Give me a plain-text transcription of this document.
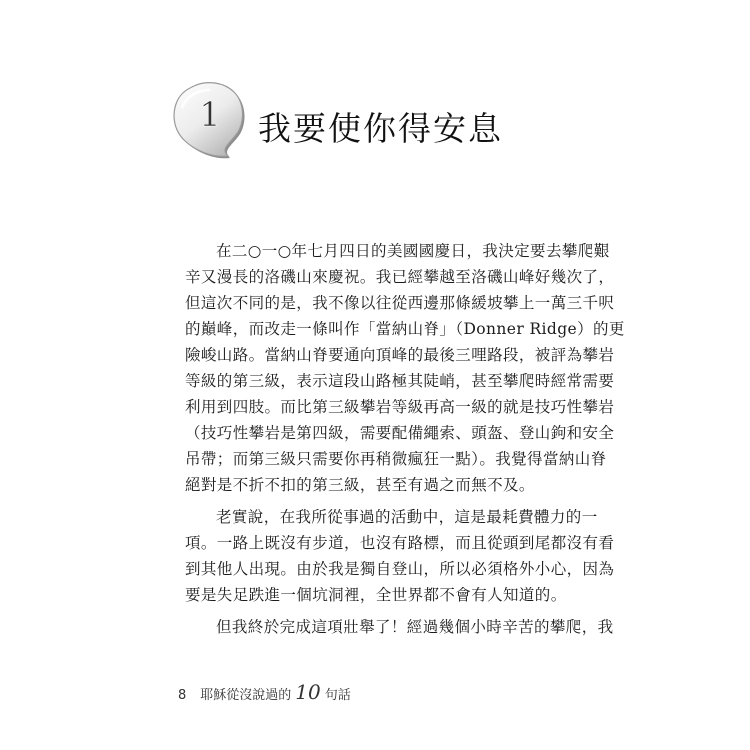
1 我要使你得安息
在二○一○年七月四日的美國國慶日，我決定要去攀爬艱
辛又漫長的洛磯山來慶祝。我已經攀越至洛磯山峰好幾次了，
但這次不同的是，我不像以往從西邊那條緩坡攀上一萬三千呎
的巔峰，而改走一條叫作「當納山脊」（Donner Ridge）的更
險峻山路。當納山脊要通向頂峰的最後三哩路段，被評為攀岩
等級的第三級，表示這段山路極其陡峭，甚至攀爬時經常需要
利用到四肢。而比第三級攀岩等級再高一級的就是技巧性攀岩
（技巧性攀岩是第四級，需要配備繩索、頭盔、登山鉤和安全
吊帶；而第三級只需要你再稍微瘋狂一點）。我覺得當納山脊
絕對是不折不扣的第三級，甚至有過之而無不及。
老實說，在我所從事過的活動中，這是最耗費體力的一
項。一路上既沒有步道，也沒有路標，而且從頭到尾都沒有看
到其他人出現。由於我是獨自登山，所以必須格外小心，因為
要是失足跌進一個坑洞裡，全世界都不會有人知道的。
但我終於完成這項壯舉了！經過幾個小時辛苦的攀爬，我
8 耶穌從沒說過的 10 句話
